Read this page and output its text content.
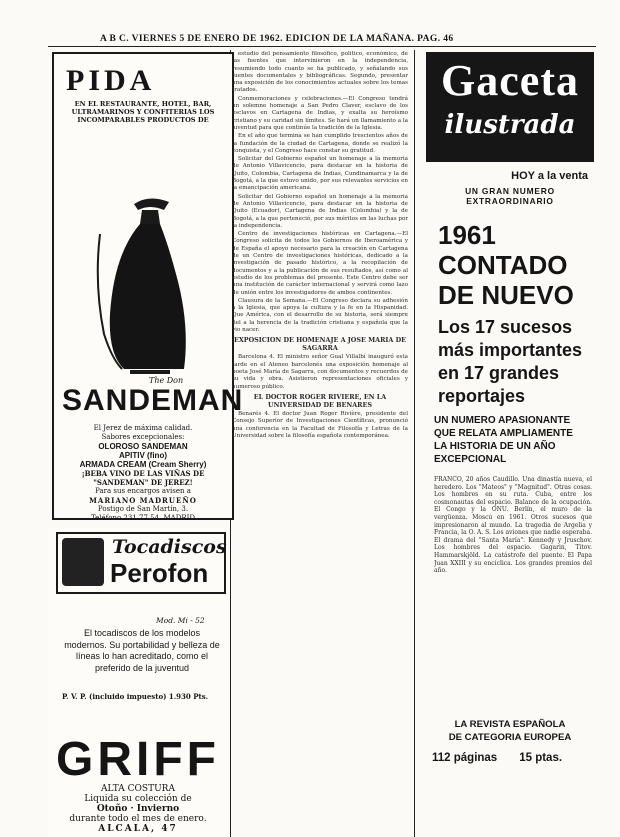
A B C. VIERNES 5 DE ENERO DE 1962. EDICION DE LA MAÑANA. PAG. 46
PIDA
EN EL RESTAURANTE, HOTEL, BAR, ULTRAMARINOS Y CONFITERIAS LOS INCOMPARABLES PRODUCTOS DE
The Don
SANDEMAN
El Jerez de máxima calidad.
Sabores excepcionales:
OLOROSO SANDEMAN
APITIV (fino)
ARMADA CREAM (Cream Sherry)
¡BEBA VINO DE LAS VIÑAS DE "SANDEMAN" DE JEREZ!
Para sus encargos avisen a
MARIANO MADRUEÑO
Postigo de San Martín, 3.
Teléfono 231 77 54. MADRID
Tocadiscos
Perofon
Mod. Mi - 52
El tocadiscos de los modelos modernos. Su portabilidad y belleza de líneas lo han acreditado, como el preferido de la juventud
P. V. P. (incluido impuesto) 1.930 Pts.
GRIFF
ALTA COSTURA
Liquida su colección de
Otoño · Invierno
durante todo el mes de enero.
ALCALA, 47

estudio del pensamiento filosófico, político, económico, de las fuentes que intervinieron en la independencia, resumiendo todo cuanto se ha publicado, y señalando sus fuentes documentales y bibliográficas. Segundo, presentar una exposición de los conocimientos actuales sobre los temas tratados.

Conmemoraciones y celebraciones.—El Congreso tendrá un solemne homenaje a San Pedro Claver, esclavo de los esclavos en Cartagena de Indias, y exalta su heroísmo cristiano y su caridad sin límites. Se hará un llamamiento a la juventud para que continúe la tradición de la Iglesia.

En el año que termina se han cumplido trescientos años de la fundación de la ciudad de Cartagena, donde se realizó la conquista, y el Congreso hace constar su gratitud.

Solicitar del Gobierno español un homenaje a la memoria de Antonio Villavicencio, para destacar en la historia de Quito, Colombia, Cartagena de Indias, Cundinamarca y la de Bogotá, a la que estuvo unido, por sus relevantes servicios en la emancipación americana.

Solicitar del Gobierno español un homenaje a la memoria de Antonio Villavicencio, para destacar en la historia de Quito (Ecuador), Cartagena de Indias (Colombia) y la de Bogotá, a la que perteneció, por sus méritos en las luchas por la independencia.

Centro de investigaciones históricas en Cartagena.—El Congreso solicita de todos los Gobiernos de Iberoamérica y de España el apoyo necesario para la creación en Cartagena de un Centro de investigaciones históricas, dedicado a la investigación de pasado histórico, a la recopilación de documentos y a la publicación de sus resultados, así como al estudio de los problemas del presente. Este Centro debe ser una institución de carácter internacional y servirá como lazo de unión entre los investigadores de ambos continentes.

Clausura de la Semana.—El Congreso declara su adhesión a la Iglesia, que apoya la cultura y la fe en la Hispanidad. Que América, con el desarrollo de su historia, será siempre fiel a la herencia de la tradición cristiana y española que la vio nacer.

EXPOSICION DE HOMENAJE A JOSE MARIA DE SAGARRA

Barcelona 4. El ministro señor Gual Villalbí inauguró esta tarde en el Ateneo barcelonés una exposición homenaje al poeta José María de Sagarra, con documentos y recuerdos de su vida y obra. Asistieron representaciones oficiales y numeroso público.

EL DOCTOR ROGER RIVIERE, EN LA UNIVERSIDAD DE BENARES

Benarés 4. El doctor Juan Roger Rivière, presidente del Consejo Superior de Investigaciones Científicas, pronunció una conferencia en la Facultad de Filosofía y Letras de la Universidad sobre la filosofía española contemporánea.

Gaceta
ilustrada
HOY a la venta
UN GRAN NUMERO EXTRAORDINARIO
1961
CONTADO
DE NUEVO
Los 17 sucesos
más importantes
en 17 grandes
reportajes
UN NUMERO APASIONANTE
QUE RELATA AMPLIAMENTE
LA HISTORIA DE UN AÑO
EXCEPCIONAL
FRANCO, 20 años Caudillo. Una dinastía nueva, el heredero. Los "Mateos" y "Magnitud". Otras cosas. Los hombres en su ruta. Cuba, entre los cosmonautas del espacio. Balance de la ocupación. El Congo y la ONU. Berlín, el muro de la vergüenza. Moscú en 1961. Otros sucesos que impresionaron al mundo. La tragedia de Argelia y Francia, la O. A. S. Los aviones que nadie esperaba. El drama del "Santa María". Kennedy y Jruschov. Los hombres del espacio. Gagarin, Titov. Hammarskjöld. La catástrofe del puente. El Papa Juan XXIII y su encíclica. Los grandes premios del año.
LA REVISTA ESPAÑOLA
DE CATEGORIA EUROPEA
112 páginas 15 ptas.
